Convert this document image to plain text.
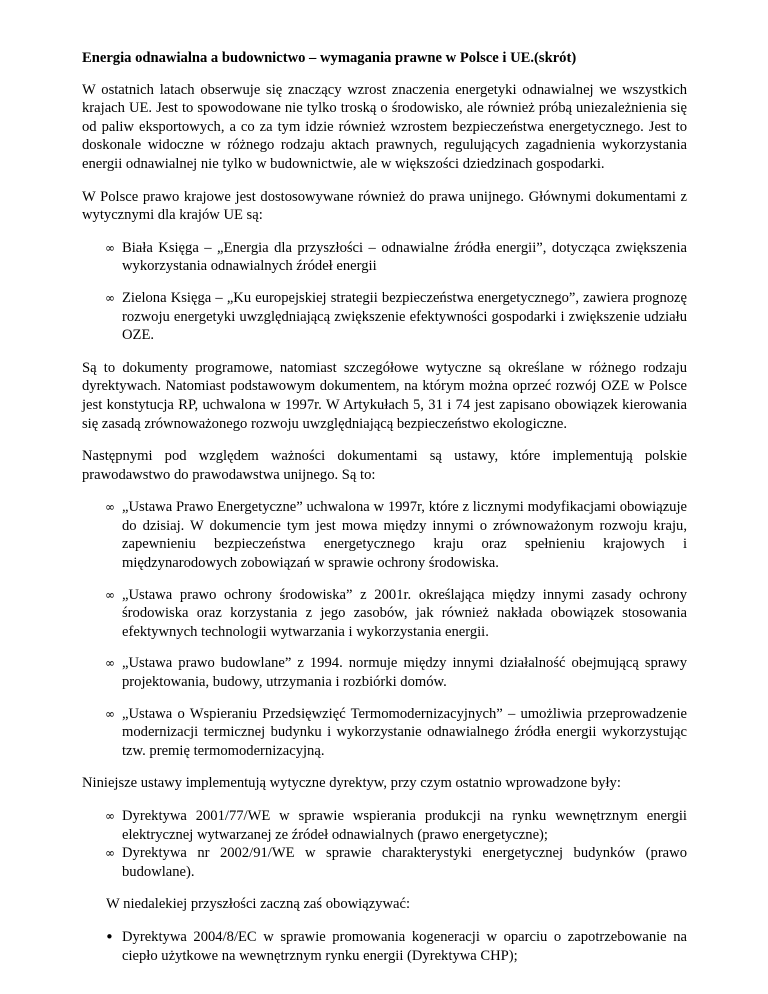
Energia odnawialna a budownictwo – wymagania prawne w Polsce i UE.(skrót)

W ostatnich latach obserwuje się znaczący wzrost znaczenia energetyki odnawialnej we wszystkich krajach UE. Jest to spowodowane nie tylko troską o środowisko, ale również próbą uniezależnienia się od paliw eksportowych, a co za tym idzie również wzrostem bezpieczeństwa energetycznego. Jest to doskonale widoczne w różnego rodzaju aktach prawnych, regulujących zagadnienia wykorzystania energii odnawialnej nie tylko w budownictwie, ale w większości dziedzinach gospodarki.

W Polsce prawo krajowe jest dostosowywane również do prawa unijnego. Głównymi dokumentami z wytycznymi dla krajów UE są:

∞ Biała Księga – „Energia dla przyszłości – odnawialne źródła energii”, dotycząca zwiększenia wykorzystania odnawialnych źródeł energii
∞ Zielona Księga – „Ku europejskiej strategii bezpieczeństwa energetycznego”, zawiera prognozę rozwoju energetyki uwzględniającą zwiększenie efektywności gospodarki i zwiększenie udziału OZE.

Są to dokumenty programowe, natomiast szczegółowe wytyczne są określane w różnego rodzaju dyrektywach. Natomiast podstawowym dokumentem, na którym można oprzeć rozwój OZE w Polsce jest konstytucja RP, uchwalona w 1997r. W Artykułach 5, 31 i 74 jest zapisano obowiązek kierowania się zasadą zrównoważonego rozwoju uwzględniającą bezpieczeństwo ekologiczne.

Następnymi pod względem ważności dokumentami są ustawy, które implementują polskie prawodawstwo do prawodawstwa unijnego. Są to:

∞ „Ustawa Prawo Energetyczne” uchwalona w 1997r, które z licznymi modyfikacjami obowiązuje do dzisiaj. W dokumencie tym jest mowa między innymi o zrównoważonym rozwoju kraju, zapewnieniu bezpieczeństwa energetycznego kraju oraz spełnieniu krajowych i międzynarodowych zobowiązań w sprawie ochrony środowiska.
∞ „Ustawa prawo ochrony środowiska” z 2001r. określająca między innymi zasady ochrony środowiska oraz korzystania z jego zasobów, jak również nakłada obowiązek stosowania efektywnych technologii wytwarzania i wykorzystania energii.
∞ „Ustawa prawo budowlane” z 1994. normuje między innymi działalność obejmującą sprawy projektowania, budowy, utrzymania i rozbiórki domów.
∞ „Ustawa o Wspieraniu Przedsięwzięć Termomodernizacyjnych” – umożliwia przeprowadzenie modernizacji termicznej budynku i wykorzystanie odnawialnego źródła energii wykorzystując tzw. premię termomodernizacyjną.

Niniejsze ustawy implementują wytyczne dyrektyw, przy czym ostatnio wprowadzone były:

∞ Dyrektywa 2001/77/WE w sprawie wspierania produkcji na rynku wewnętrznym energii elektrycznej wytwarzanej ze źródeł odnawialnych (prawo energetyczne);
∞ Dyrektywa nr 2002/91/WE w sprawie charakterystyki energetycznej budynków (prawo budowlane).

W niedalekiej przyszłości zaczną zaś obowiązywać:

• Dyrektywa 2004/8/EC w sprawie promowania kogeneracji w oparciu o zapotrzebowanie na ciepło użytkowe na wewnętrznym rynku energii (Dyrektywa CHP);
